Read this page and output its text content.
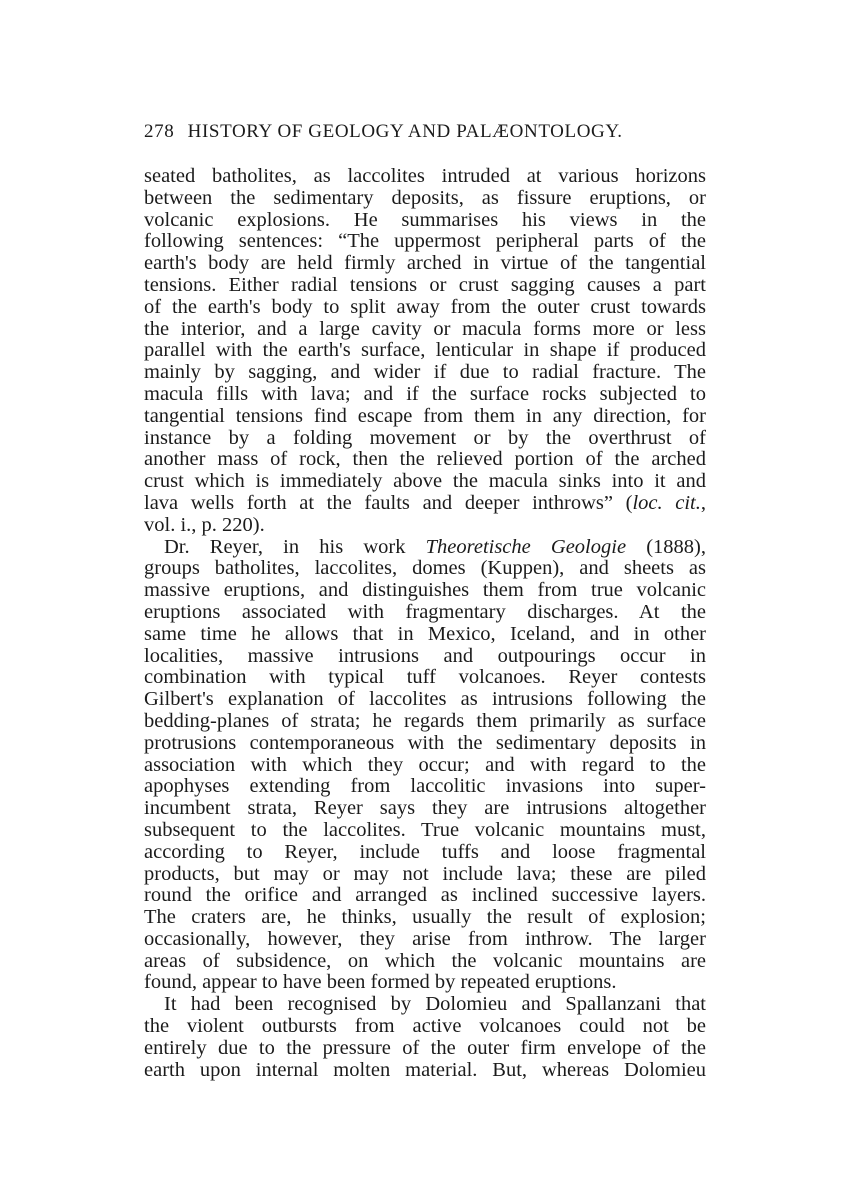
278 HISTORY OF GEOLOGY AND PALÆONTOLOGY.
seated batholites, as laccolites intruded at various horizons
between the sedimentary deposits, as fissure eruptions, or
volcanic explosions. He summarises his views in the
following sentences: “The uppermost peripheral parts of the
earth's body are held firmly arched in virtue of the tangential
tensions. Either radial tensions or crust sagging causes a part
of the earth's body to split away from the outer crust towards
the interior, and a large cavity or macula forms more or less
parallel with the earth's surface, lenticular in shape if produced
mainly by sagging, and wider if due to radial fracture. The
macula fills with lava; and if the surface rocks subjected to
tangential tensions find escape from them in any direction, for
instance by a folding movement or by the overthrust of
another mass of rock, then the relieved portion of the arched
crust which is immediately above the macula sinks into it and
lava wells forth at the faults and deeper inthrows” (loc. cit.,
vol. i., p. 220).
Dr. Reyer, in his work Theoretische Geologie (1888),
groups batholites, laccolites, domes (Kuppen), and sheets as
massive eruptions, and distinguishes them from true volcanic
eruptions associated with fragmentary discharges. At the
same time he allows that in Mexico, Iceland, and in other
localities, massive intrusions and outpourings occur in
combination with typical tuff volcanoes. Reyer contests
Gilbert's explanation of laccolites as intrusions following the
bedding-planes of strata; he regards them primarily as surface
protrusions contemporaneous with the sedimentary deposits in
association with which they occur; and with regard to the
apophyses extending from laccolitic invasions into super-
incumbent strata, Reyer says they are intrusions altogether
subsequent to the laccolites. True volcanic mountains must,
according to Reyer, include tuffs and loose fragmental
products, but may or may not include lava; these are piled
round the orifice and arranged as inclined successive layers.
The craters are, he thinks, usually the result of explosion;
occasionally, however, they arise from inthrow. The larger
areas of subsidence, on which the volcanic mountains are
found, appear to have been formed by repeated eruptions.
It had been recognised by Dolomieu and Spallanzani that
the violent outbursts from active volcanoes could not be
entirely due to the pressure of the outer firm envelope of the
earth upon internal molten material. But, whereas Dolomieu
